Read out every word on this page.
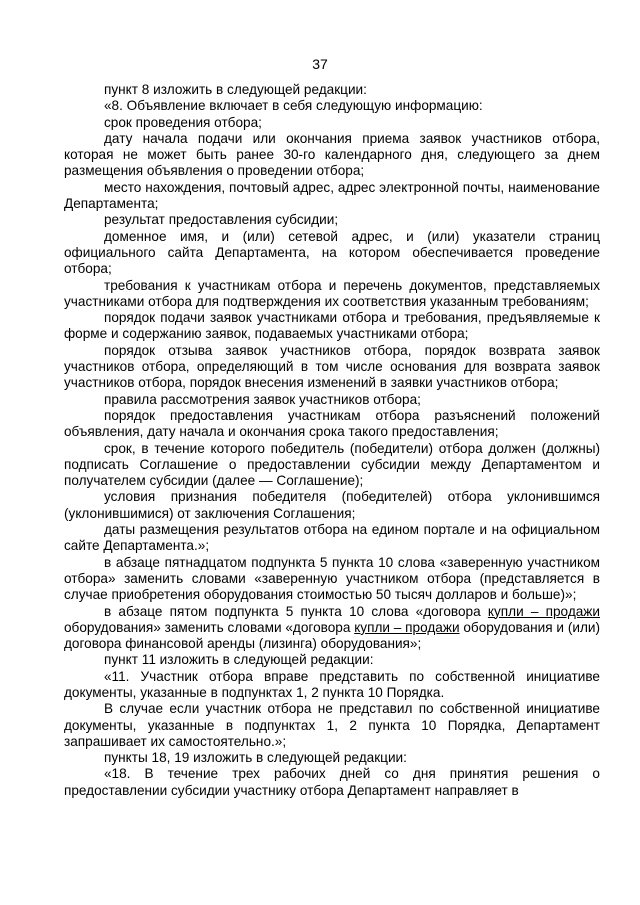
37

пункт 8 изложить в следующей редакции:

«8. Объявление включает в себя следующую информацию:

срок проведения отбора;

дату начала подачи или окончания приема заявок участников отбора, которая не может быть ранее 30-го календарного дня, следующего за днем размещения объявления о проведении отбора;

место нахождения, почтовый адрес, адрес электронной почты, наименование Департамента;

результат предоставления субсидии;

доменное имя, и (или) сетевой адрес, и (или) указатели страниц официального сайта Департамента, на котором обеспечивается проведение отбора;

требования к участникам отбора и перечень документов, представляемых участниками отбора для подтверждения их соответствия указанным требованиям;

порядок подачи заявок участниками отбора и требования, предъявляемые к форме и содержанию заявок, подаваемых участниками отбора;

порядок отзыва заявок участников отбора, порядок возврата заявок участников отбора, определяющий в том числе основания для возврата заявок участников отбора, порядок внесения изменений в заявки участников отбора;

правила рассмотрения заявок участников отбора;

порядок предоставления участникам отбора разъяснений положений объявления, дату начала и окончания срока такого предоставления;

срок, в течение которого победитель (победители) отбора должен (должны) подписать Соглашение о предоставлении субсидии между Департаментом и получателем субсидии (далее — Соглашение);

условия признания победителя (победителей) отбора уклонившимся (уклонившимися) от заключения Соглашения;

даты размещения результатов отбора на едином портале и на официальном сайте Департамента.»;

в абзаце пятнадцатом подпункта 5 пункта 10 слова «заверенную участником отбора» заменить словами «заверенную участником отбора (представляется в случае приобретения оборудования стоимостью 50 тысяч долларов и больше)»;

в абзаце пятом подпункта 5 пункта 10 слова «договора купли – продажи оборудования» заменить словами «договора купли – продажи оборудования и (или) договора финансовой аренды (лизинга) оборудования»;

пункт 11 изложить в следующей редакции:

«11. Участник отбора вправе представить по собственной инициативе документы, указанные в подпунктах 1, 2 пункта 10 Порядка.

В случае если участник отбора не представил по собственной инициативе документы, указанные в подпунктах 1, 2 пункта 10 Порядка, Департамент запрашивает их самостоятельно.»;

пункты 18, 19 изложить в следующей редакции:

«18. В течение трех рабочих дней со дня принятия решения о предоставлении субсидии участнику отбора Департамент направляет в
